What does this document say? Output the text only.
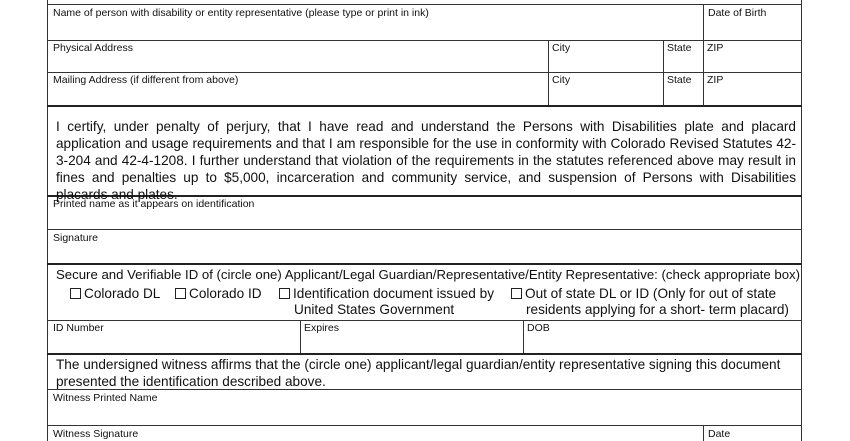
Name of person with disability or entity representative (please type or print in ink)	Date of Birth
Physical Address	City	State ZIP
Mailing Address (if different from above)	City	State ZIP
I certify, under penalty of perjury, that I have read and understand the Persons with Disabilities plate and placard application and usage requirements and that I am responsible for the use in conformity with Colorado Revised Statutes 42-3-204 and 42-4-1208. I further understand that violation of the requirements in the statutes referenced above may result in fines and penalties up to $5,000, incarceration and community service, and suspension of Persons with Disabilities placards and plates.
Printed name as it appears on identification
Signature
Secure and Verifiable ID of (circle one) Applicant/Legal Guardian/Representative/Entity Representative: (check appropriate box)
Colorado DL	Colorado ID	Identification document issued by
United States Government
Out of state DL or ID (Only for out of state
residents applying for a short- term placard)
ID Number	Expires	DOB
The undersigned witness affirms that the (circle one) applicant/legal guardian/entity representative signing this document presented the identification described above.
Witness Printed Name
Witness Signature	Date
